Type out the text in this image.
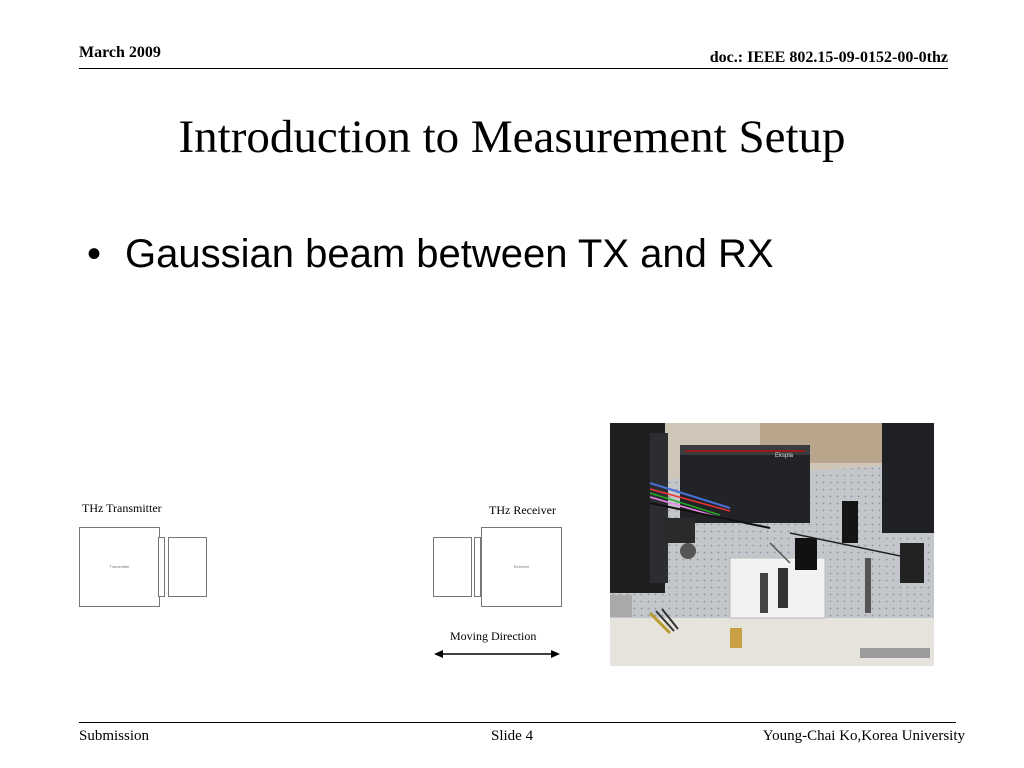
March 2009	doc.: IEEE 802.15-09-0152-00-0thz
Introduction to Measurement Setup
• Gaussian beam between TX and RX
THz Transmitter
Transmitter
THz Receiver
Receiver
Moving Direction
Ekspla
Submission	Slide 4	Young-Chai Ko,Korea University
